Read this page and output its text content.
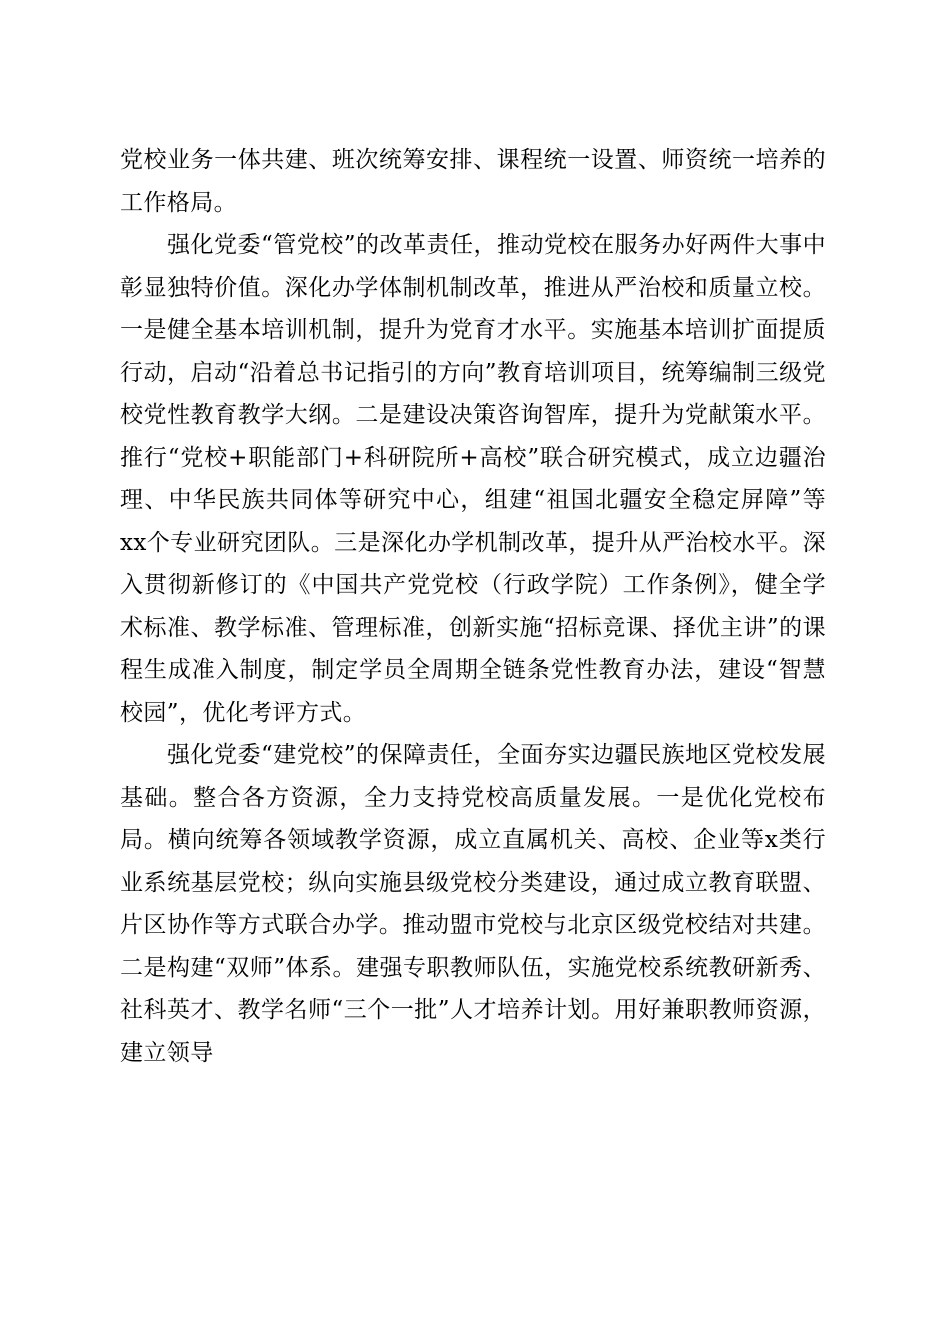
党校业务一体共建、班次统筹安排、课程统一设置、师资统一培养的工作格局。

强化党委“管党校”的改革责任，推动党校在服务办好两件大事中彰显独特价值。深化办学体制机制改革，推进从严治校和质量立校。一是健全基本培训机制，提升为党育才水平。实施基本培训扩面提质行动，启动“沿着总书记指引的方向”教育培训项目，统筹编制三级党校党性教育教学大纲。二是建设决策咨询智库，提升为党献策水平。推行“党校+职能部门+科研院所+高校”联合研究模式，成立边疆治理、中华民族共同体等研究中心，组建“祖国北疆安全稳定屏障”等xx个专业研究团队。三是深化办学机制改革，提升从严治校水平。深入贯彻新修订的《中国共产党党校（行政学院）工作条例》，健全学术标准、教学标准、管理标准，创新实施“招标竞课、择优主讲”的课程生成准入制度，制定学员全周期全链条党性教育办法，建设“智慧校园”，优化考评方式。

强化党委“建党校”的保障责任，全面夯实边疆民族地区党校发展基础。整合各方资源，全力支持党校高质量发展。一是优化党校布局。横向统筹各领域教学资源，成立直属机关、高校、企业等x类行业系统基层党校；纵向实施县级党校分类建设，通过成立教育联盟、片区协作等方式联合办学。推动盟市党校与北京区级党校结对共建。二是构建“双师”体系。建强专职教师队伍，实施党校系统教研新秀、社科英才、教学名师“三个一批”人才培养计划。用好兼职教师资源，建立领导
